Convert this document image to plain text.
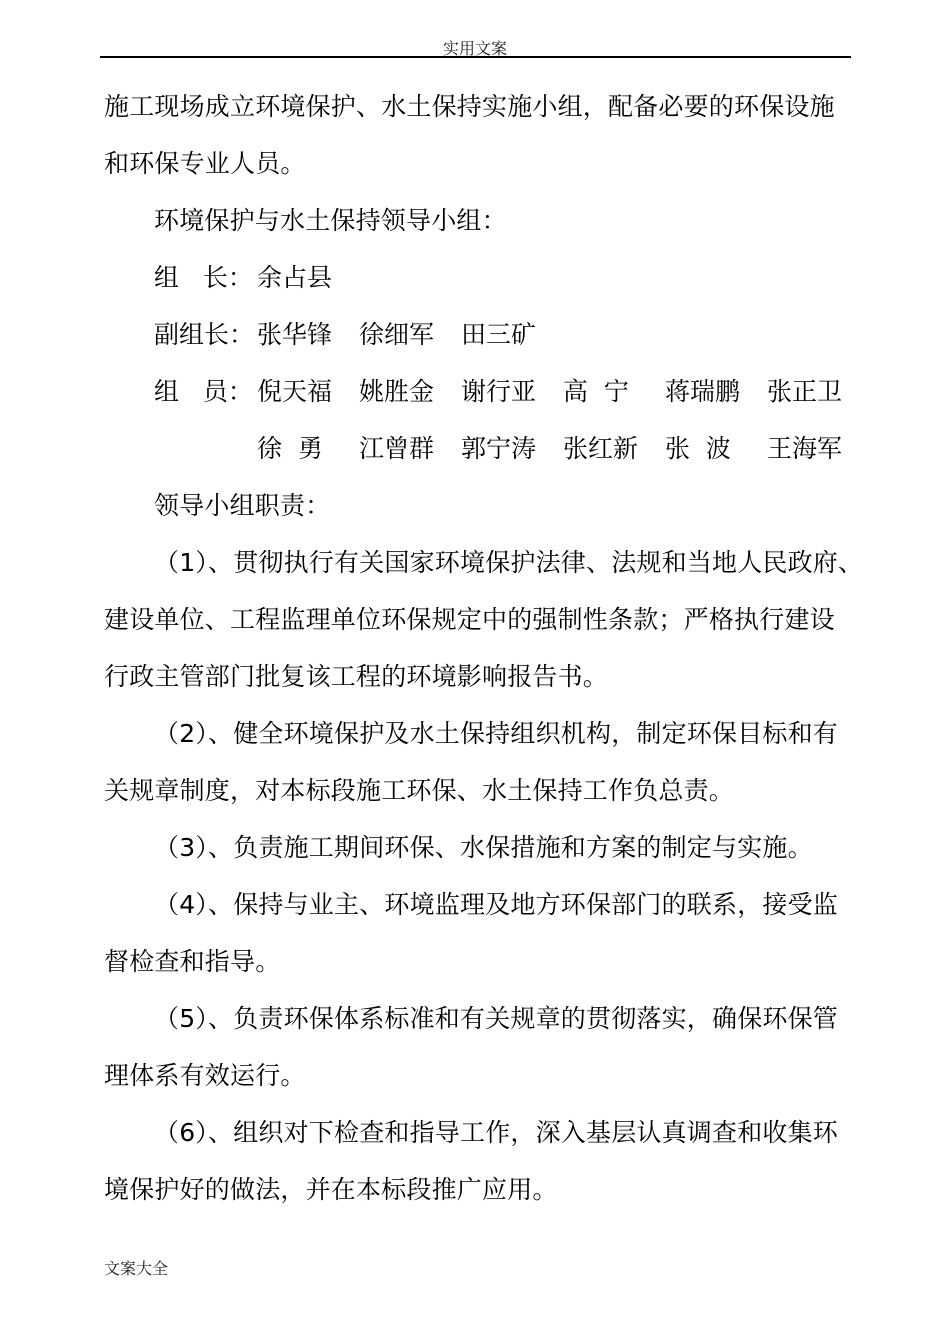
实用文案
施工现场成立环境保护、水土保持实施小组，配备必要的环保设施
和环保专业人员。
环境保护与水土保持领导小组：
组   长： 余占县
副组长： 张华锋 徐细军 田三矿
组   员： 倪天福 姚胜金 谢行亚 高  宁 蒋瑞鹏 张正卫
徐  勇 江曾群 郭宁涛 张红新 张  波 王海军
领导小组职责：
（1）、贯彻执行有关国家环境保护法律、法规和当地人民政府、
建设单位、工程监理单位环保规定中的强制性条款；严格执行建设
行政主管部门批复该工程的环境影响报告书。
（2）、健全环境保护及水土保持组织机构，制定环保目标和有
关规章制度，对本标段施工环保、水土保持工作负总责。
（3）、负责施工期间环保、水保措施和方案的制定与实施。
（4）、保持与业主、环境监理及地方环保部门的联系，接受监
督检查和指导。
（5）、负责环保体系标准和有关规章的贯彻落实，确保环保管
理体系有效运行。
（6）、组织对下检查和指导工作，深入基层认真调查和收集环
境保护好的做法，并在本标段推广应用。
文案大全
